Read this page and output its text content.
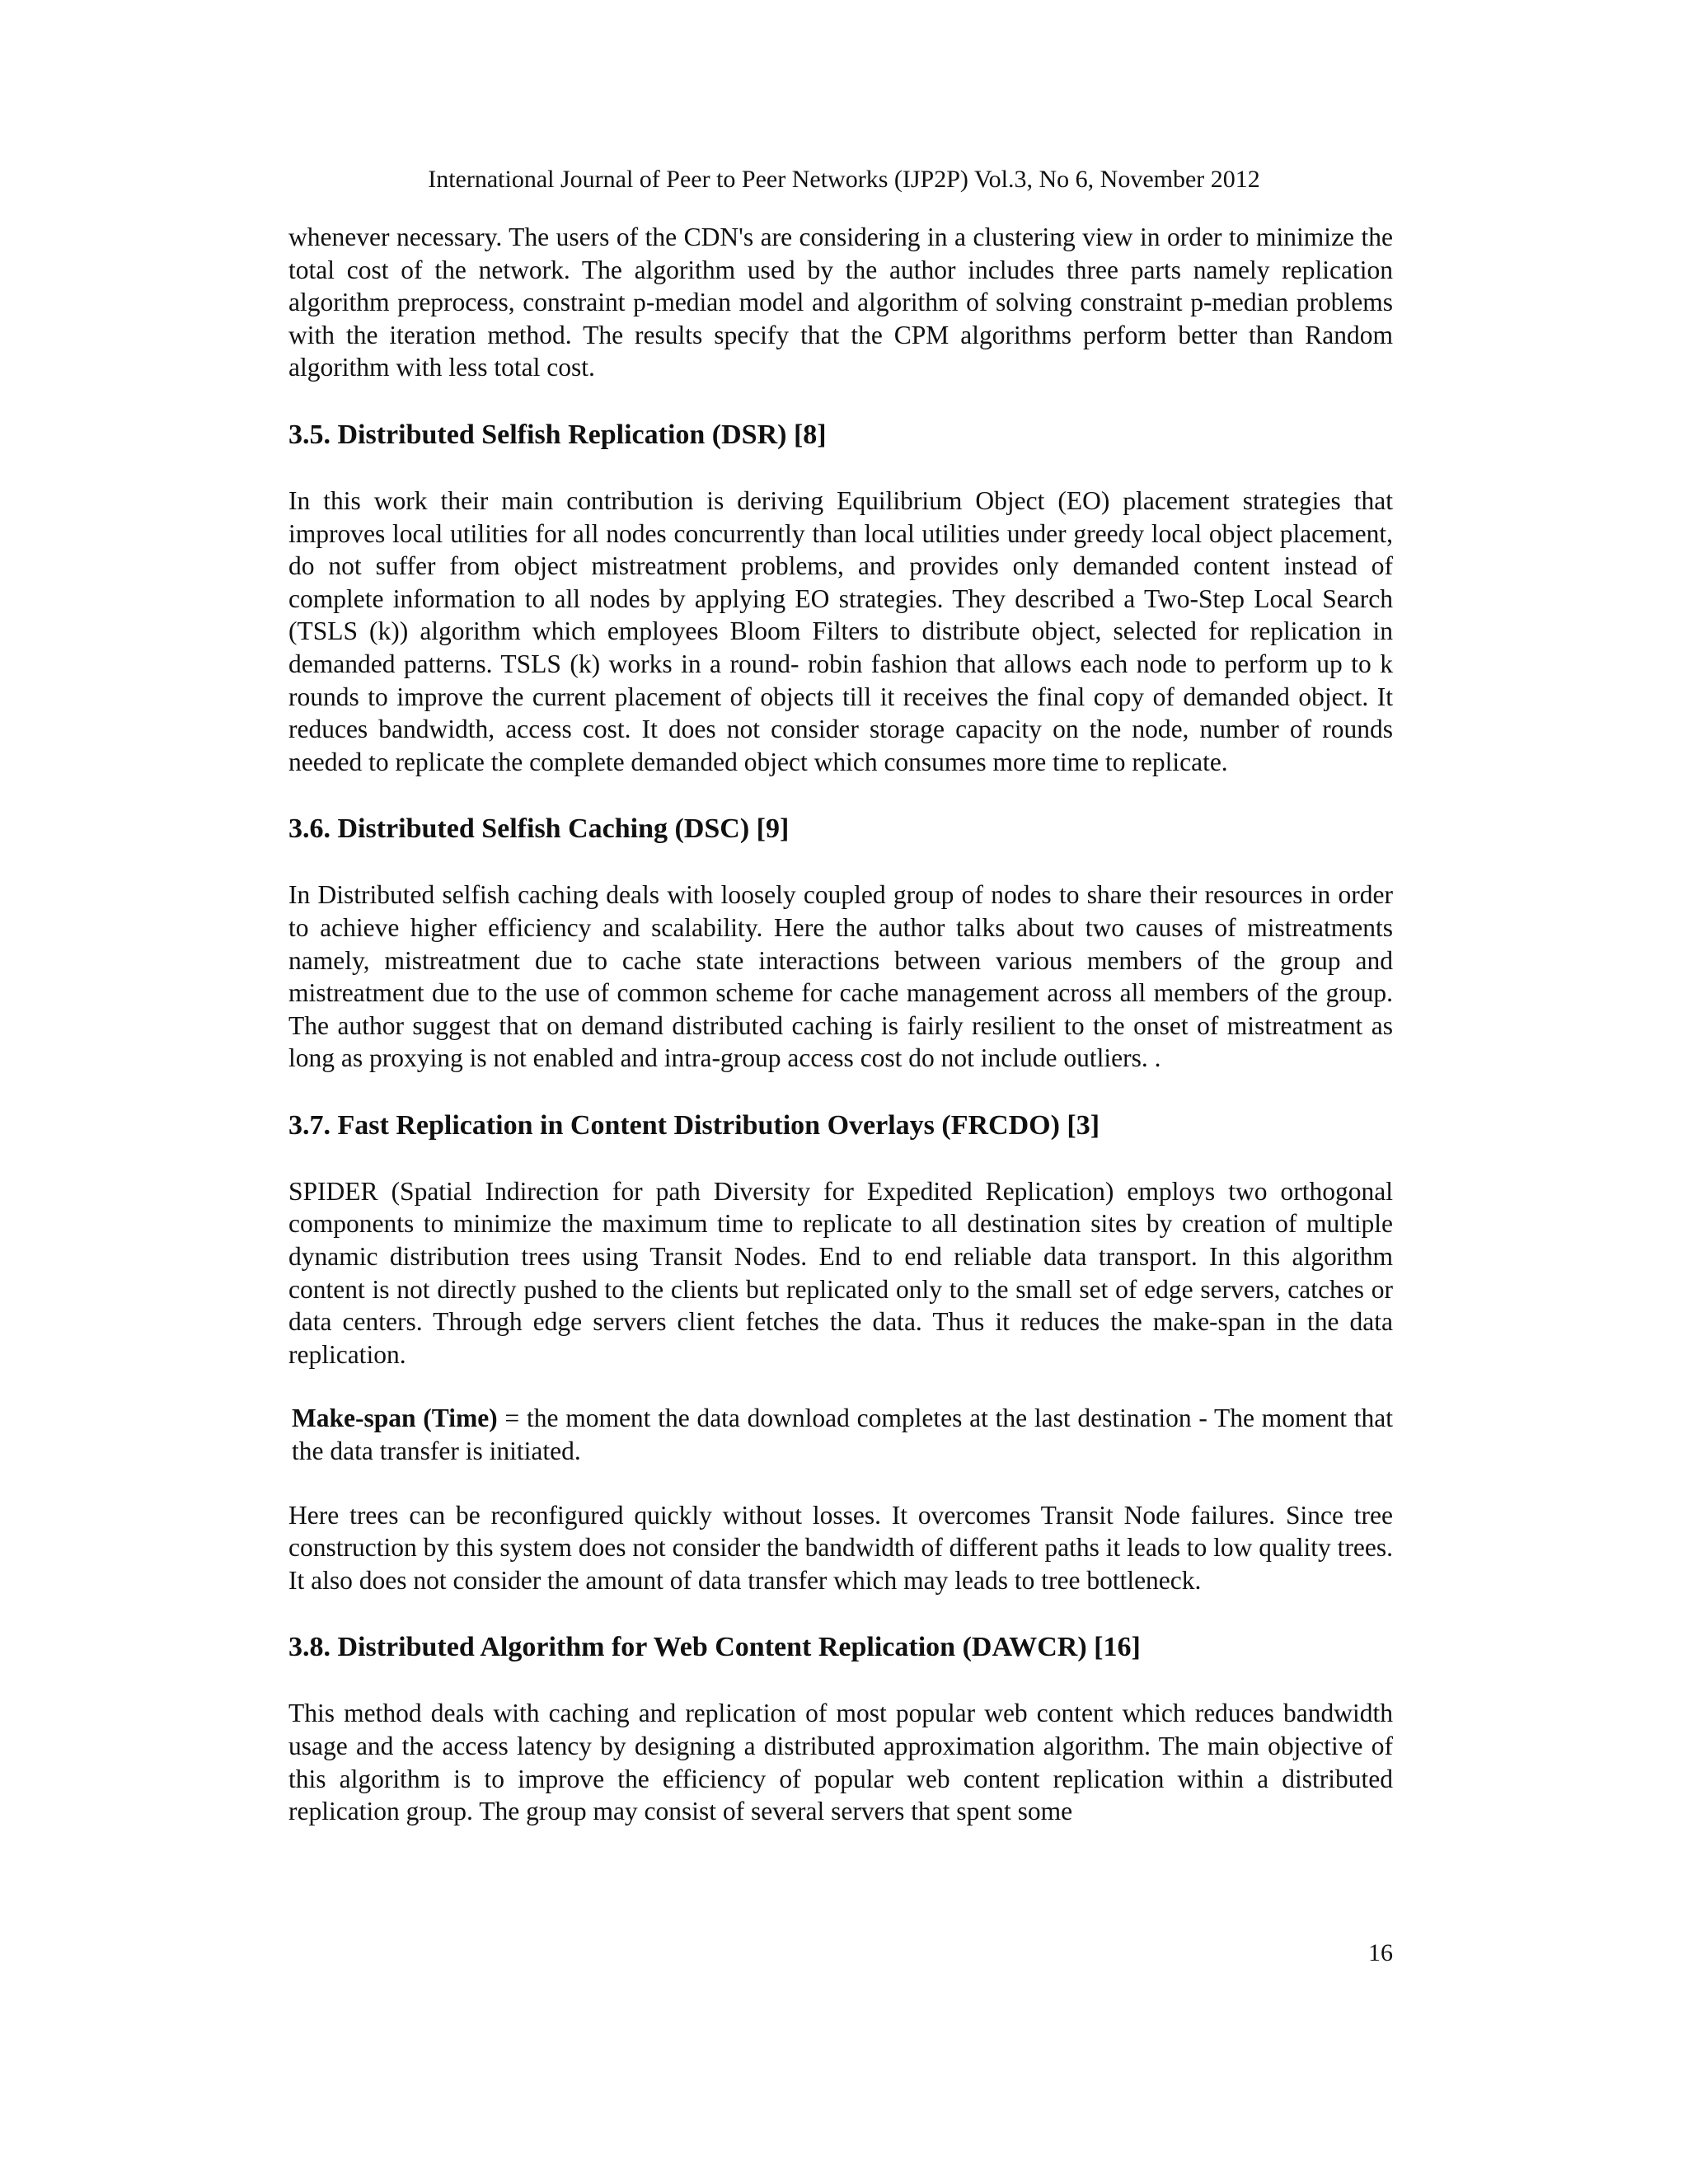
International Journal of Peer to Peer Networks (IJP2P) Vol.3, No 6, November 2012

whenever necessary. The users of the CDN's are considering in a clustering view in order to minimize the total cost of the network. The algorithm used by the author includes three parts namely replication algorithm preprocess, constraint p-median model and algorithm of solving constraint p-median problems with the iteration method. The results specify that the CPM algorithms perform better than Random algorithm with less total cost.

3.5. Distributed Selfish Replication (DSR) [8]

In this work their main contribution is deriving Equilibrium Object (EO) placement strategies that improves local utilities for all nodes concurrently than local utilities under greedy local object placement, do not suffer from object mistreatment problems, and provides only demanded content instead of complete information to all nodes by applying EO strategies. They described a Two-Step Local Search (TSLS (k)) algorithm which employees Bloom Filters to distribute object, selected for replication in demanded patterns. TSLS (k) works in a round- robin fashion that allows each node to perform up to k rounds to improve the current placement of objects till it receives the final copy of demanded object. It reduces bandwidth, access cost. It does not consider storage capacity on the node, number of rounds needed to replicate the complete demanded object which consumes more time to replicate.

3.6. Distributed Selfish Caching (DSC) [9]

In Distributed selfish caching deals with loosely coupled group of nodes to share their resources in order to achieve higher efficiency and scalability. Here the author talks about two causes of mistreatments namely, mistreatment due to cache state interactions between various members of the group and mistreatment due to the use of common scheme for cache management across all members of the group. The author suggest that on demand distributed caching is fairly resilient to the onset of mistreatment as long as proxying is not enabled and intra-group access cost do not include outliers. .

3.7. Fast Replication in Content Distribution Overlays (FRCDO) [3]

SPIDER (Spatial Indirection for path Diversity for Expedited Replication) employs two orthogonal components to minimize the maximum time to replicate to all destination sites by creation of multiple dynamic distribution trees using Transit Nodes. End to end reliable data transport. In this algorithm content is not directly pushed to the clients but replicated only to the small set of edge servers, catches or data centers. Through edge servers client fetches the data. Thus it reduces the make-span in the data replication.

Make-span (Time) = the moment the data download completes at the last destination - The moment that the data transfer is initiated.

Here trees can be reconfigured quickly without losses. It overcomes Transit Node failures. Since tree construction by this system does not consider the bandwidth of different paths it leads to low quality trees. It also does not consider the amount of data transfer which may leads to tree bottleneck.

3.8. Distributed Algorithm for Web Content Replication (DAWCR) [16]

This method deals with caching and replication of most popular web content which reduces bandwidth usage and the access latency by designing a distributed approximation algorithm. The main objective of this algorithm is to improve the efficiency of popular web content replication within a distributed replication group. The group may consist of several servers that spent some

16
